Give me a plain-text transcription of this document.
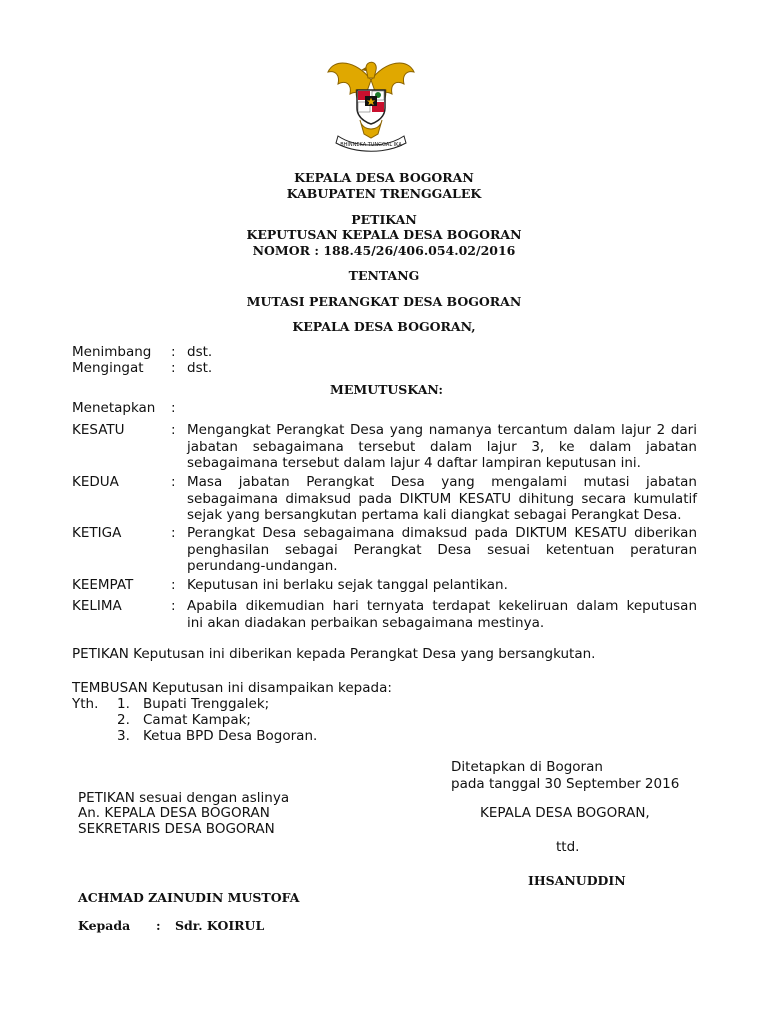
BHINNEKA TUNGGAL IKA
KEPALA DESA BOGORAN
KABUPATEN TRENGGALEK
PETIKAN
KEPUTUSAN KEPALA DESA BOGORAN
NOMOR : 188.45/26/406.054.02/2016
TENTANG
MUTASI PERANGKAT DESA BOGORAN
KEPALA DESA BOGORAN,
Menimbang : dst.
Mengingat : dst.
MEMUTUSKAN:
Menetapkan :
KESATU	: Mengangkat Perangkat Desa yang namanya tercantum dalam lajur 2 dari
jabatan sebagaimana tersebut dalam lajur 3, ke dalam jabatan
sebagaimana tersebut dalam lajur 4 daftar lampiran keputusan ini.
KEDUA	: Masa jabatan Perangkat Desa yang mengalami mutasi jabatan
sebagaimana dimaksud pada DIKTUM KESATU dihitung secara kumulatif
sejak yang bersangkutan pertama kali diangkat sebagai Perangkat Desa.
KETIGA	: Perangkat Desa sebagaimana dimaksud pada DIKTUM KESATU diberikan
penghasilan sebagai Perangkat Desa sesuai ketentuan peraturan
perundang-undangan.
KEEMPAT	: Keputusan ini berlaku sejak tanggal pelantikan.
KELIMA	: Apabila dikemudian hari ternyata terdapat kekeliruan dalam keputusan
ini akan diadakan perbaikan sebagaimana mestinya.
PETIKAN Keputusan ini diberikan kepada Perangkat Desa yang bersangkutan.
TEMBUSAN Keputusan ini disampaikan kepada:
Yth. 1. Bupati Trenggalek;
2. Camat Kampak;
3. Ketua BPD Desa Bogoran.
Ditetapkan di Bogoran
pada tanggal 30 September 2016
KEPALA DESA BOGORAN,
ttd.
IHSANUDDIN
PETIKAN sesuai dengan aslinya
An. KEPALA DESA BOGORAN
SEKRETARIS DESA BOGORAN
ACHMAD ZAINUDIN MUSTOFA
Kepada : Sdr. KOIRUL
